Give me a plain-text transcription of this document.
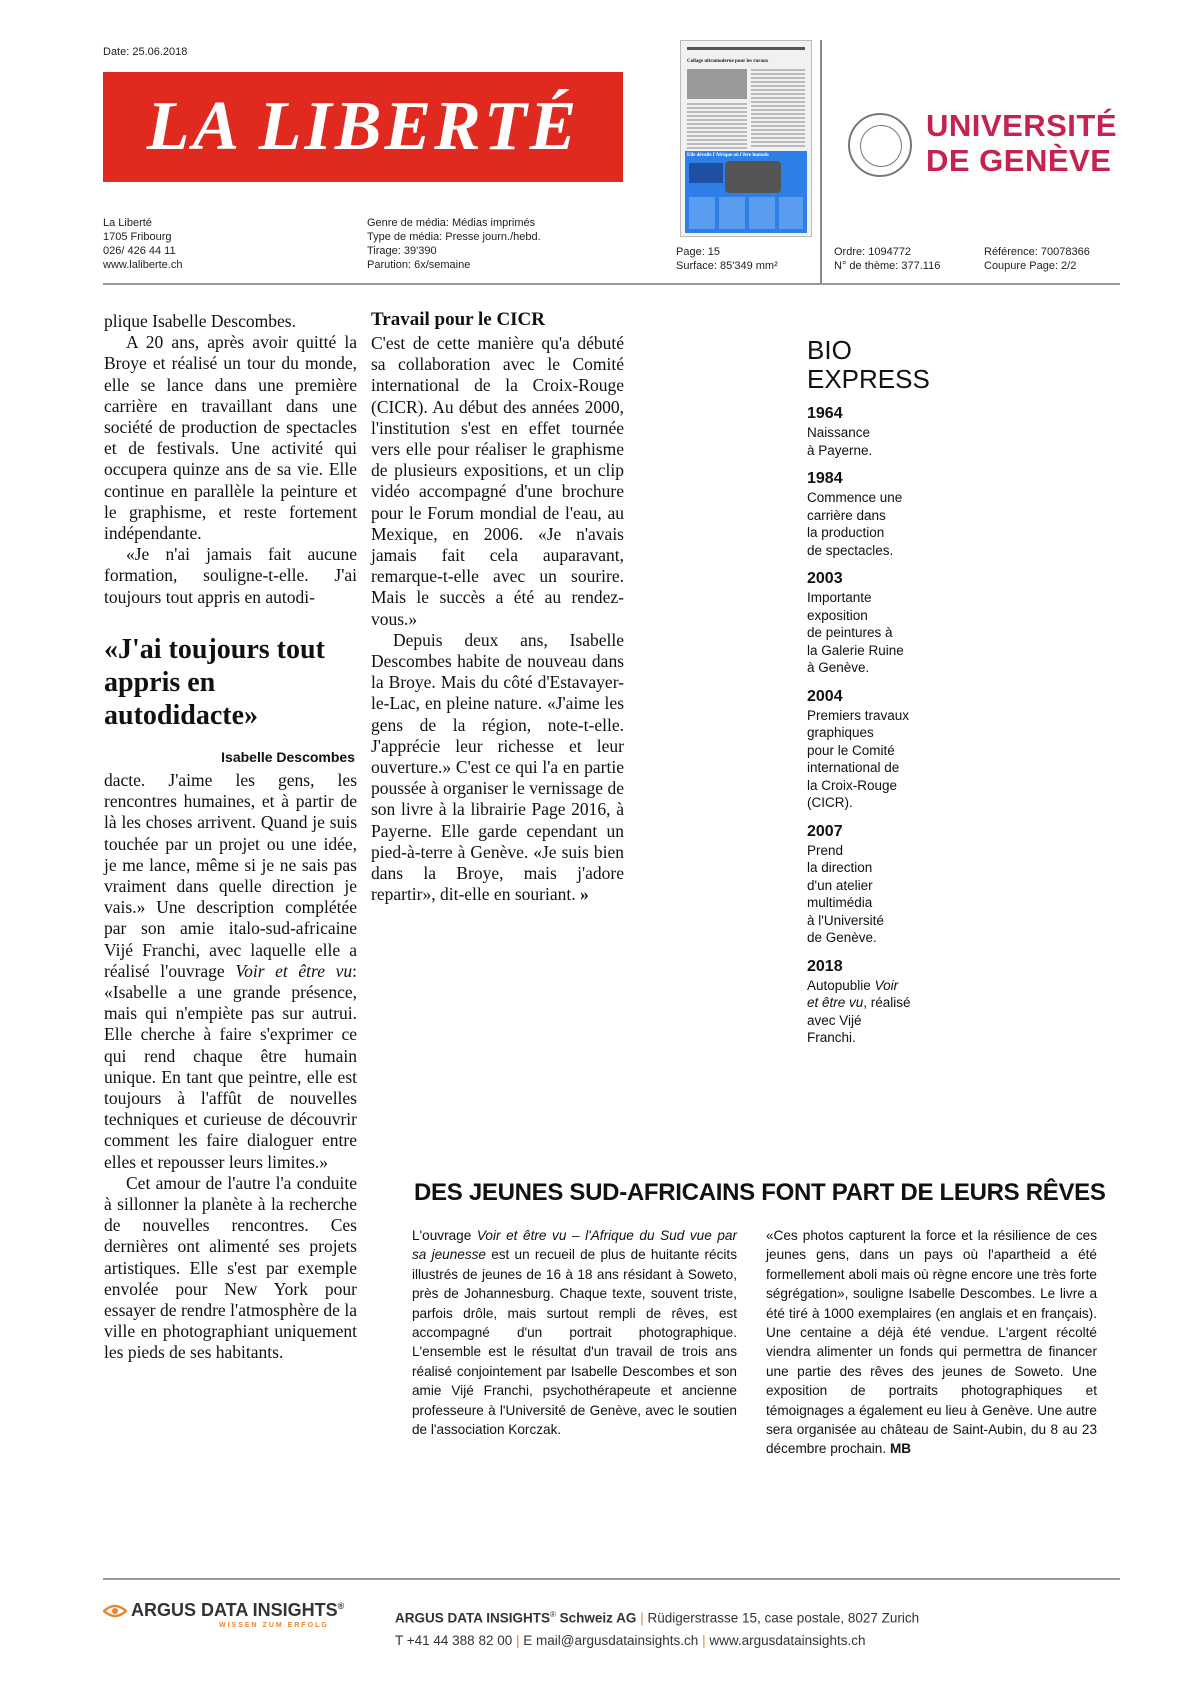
Date: 25.06.2018
LA LIBERTÉ
Collage ultramoderne pour les ruraux
Elle dévoile l'Afrique où l'être humain
UNIVERSITÉ
DE GENÈVE
La Liberté
1705 Fribourg
026/ 426 44 11
www.laliberte.ch
Genre de média: Médias imprimés
Type de média: Presse journ./hebd.
Tirage: 39'390
Parution: 6x/semaine
Page: 15
Surface: 85'349 mm²
Ordre: 1094772
N° de thème: 377.116
Référence: 70078366
Coupure Page: 2/2

plique Isabelle Descombes.

A 20 ans, après avoir quitté la Broye et réalisé un tour du monde, elle se lance dans une première carrière en travaillant dans une société de production de spectacles et de festivals. Une activité qui occupera quinze ans de sa vie. Elle continue en parallèle la peinture et le graphisme, et reste fortement indépendante.

«Je n'ai jamais fait aucune formation, souligne-t-elle. J'ai toujours tout appris en autodi-

«J'ai toujours tout appris en autodidacte»
Isabelle Descombes

dacte. J'aime les gens, les rencontres humaines, et à partir de là les choses arrivent. Quand je suis touchée par un projet ou une idée, je me lance, même si je ne sais pas vraiment dans quelle direction je vais.» Une description complétée par son amie italo-sud-africaine Vijé Franchi, avec laquelle elle a réalisé l'ouvrage Voir et être vu: «Isabelle a une grande présence, mais qui n'empiète pas sur autrui. Elle cherche à faire s'exprimer ce qui rend chaque être humain unique. En tant que peintre, elle est toujours à l'affût de nouvelles techniques et curieuse de découvrir comment les faire dialoguer entre elles et repousser leurs limites.»

Cet amour de l'autre l'a conduite à sillonner la planète à la recherche de nouvelles rencontres. Ces dernières ont alimenté ses projets artistiques. Elle s'est par exemple envolée pour New York pour essayer de rendre l'atmosphère de la ville en photographiant uniquement les pieds de ses habitants.

Travail pour le CICR

C'est de cette manière qu'a débuté sa collaboration avec le Comité international de la Croix-Rouge (CICR). Au début des années 2000, l'institution s'est en effet tournée vers elle pour réaliser le graphisme de plusieurs expositions, et un clip vidéo accompagné d'une brochure pour le Forum mondial de l'eau, au Mexique, en 2006. «Je n'avais jamais fait cela auparavant, remarque-t-elle avec un sourire. Mais le succès a été au rendez-vous.»

Depuis deux ans, Isabelle Descombes habite de nouveau dans la Broye. Mais du côté d'Estavayer-le-Lac, en pleine nature. «J'aime les gens de la région, note-t-elle. J'apprécie leur richesse et leur ouverture.» C'est ce qui l'a en partie poussée à organiser le vernissage de son livre à la librairie Page 2016, à Payerne. Elle garde cependant un pied-à-terre à Genève. «Je suis bien dans la Broye, mais j'adore repartir», dit-elle en souriant. »

BIO
EXPRESS
1964
Naissance
à Payerne.
1984
Commence une
carrière dans
la production
de spectacles.
2003
Importante
exposition
de peintures à
la Galerie Ruine
à Genève.
2004
Premiers travaux
graphiques
pour le Comité
international de
la Croix-Rouge
(CICR).
2007
Prend
la direction
d'un atelier
multimédia
à l'Université
de Genève.
2018
Autopublie Voir
et être vu, réalisé
avec Vijé
Franchi.
DES JEUNES SUD-AFRICAINS FONT PART DE LEURS RÊVES

L'ouvrage Voir et être vu – l'Afrique du Sud vue par sa jeunesse est un recueil de plus de huitante récits illustrés de jeunes de 16 à 18 ans résidant à Soweto, près de Johannesburg. Chaque texte, souvent triste, parfois drôle, mais surtout rempli de rêves, est accompagné d'un portrait photographique. L'ensemble est le résultat d'un travail de trois ans réalisé conjointement par Isabelle Descombes et son amie Vijé Franchi, psychothérapeute et ancienne professeure à l'Université de Genève, avec le soutien de l'association Korczak.

«Ces photos capturent la force et la résilience de ces jeunes gens, dans un pays où l'apartheid a été formellement aboli mais où règne encore une très forte ségrégation», souligne Isabelle Descombes. Le livre a été tiré à 1000 exemplaires (en anglais et en français). Une centaine a déjà été vendue. L'argent récolté viendra alimenter un fonds qui permettra de financer une partie des rêves des jeunes de Soweto. Une exposition de portraits photographiques et témoignages a également eu lieu à Genève. Une autre sera organisée au château de Saint-Aubin, du 8 au 23 décembre prochain. MB

ARGUS DATA INSIGHTS®
WISSEN ZUM ERFOLG	ARGUS DATA INSIGHTS® Schweiz AG | Rüdigerstrasse 15, case postale, 8027 Zurich
T +41 44 388 82 00 | E mail@argusdatainsights.ch | www.argusdatainsights.ch
